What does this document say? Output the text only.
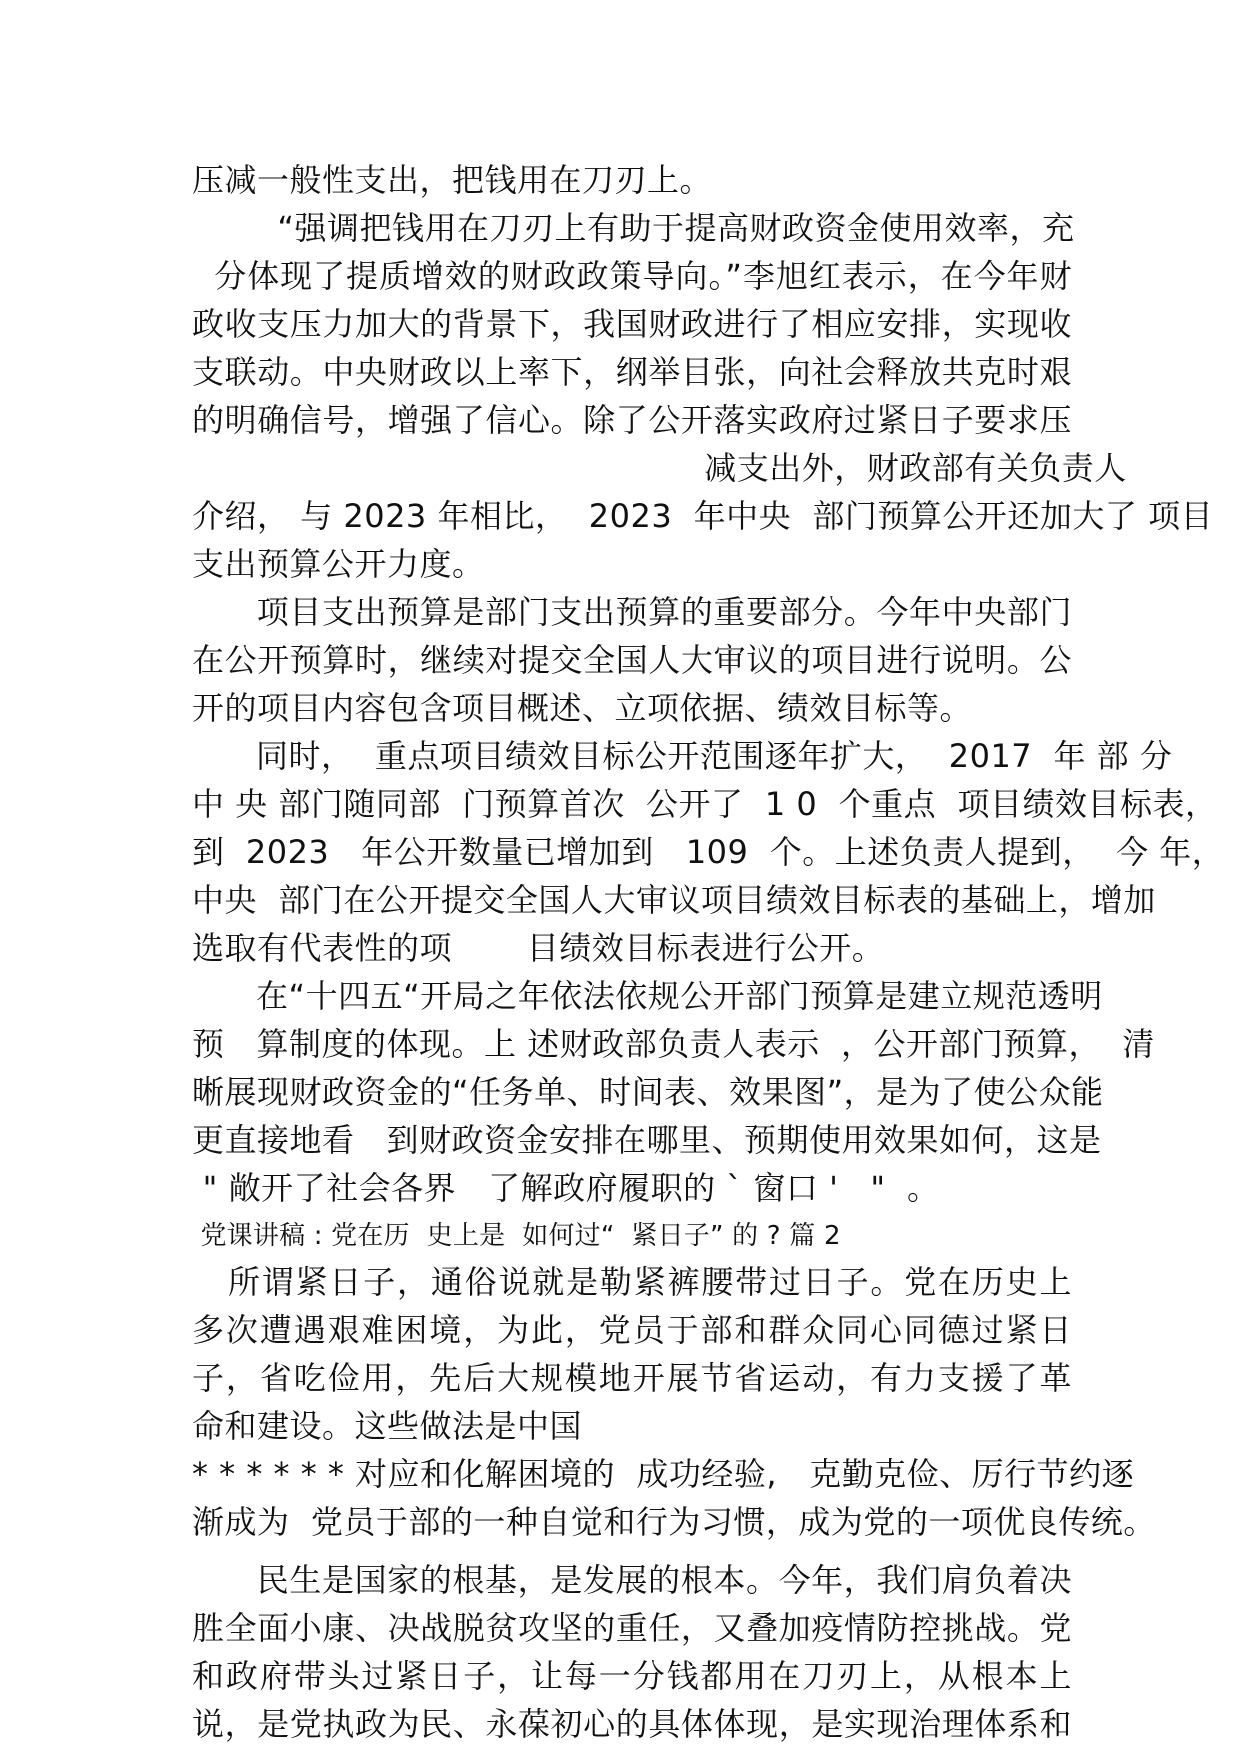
压减一般性支出，把钱用在刀刃上。
“强调把钱用在刀刃上有助于提高财政资金使用效率，充
分体现了提质增效的财政政策导向。”李旭红表示，在今年财
政收支压力加大的背景下，我国财政进行了相应安排，实现收
支联动。中央财政以上率下，纲举目张，向社会释放共克时艰
的明确信号，增强了信心。除了公开落实政府过紧日子要求压
减支出外，财政部有关负责人
介绍， 与 2023 年相比，  2023  年中央  部门预算公开还加大了 项目
支出预算公开力度。
项目支出预算是部门支出预算的重要部分。今年中央部门
在公开预算时，继续对提交全国人大审议的项目进行说明。公
开的项目内容包含项目概述、立项依据、绩效目标等。
同时，  重点项目绩效目标公开范围逐年扩大，  2017  年 部 分
中 央 部门随同部  门预算首次  公开了  1 0  个重点  项目绩效目标表，
到  2023   年公开数量已增加到   109  个。上述负责人提到，  今 年，
中央  部门在公开提交全国人大审议项目绩效目标表的基础上，增加
选取有代表性的项       目绩效目标表进行公开。
在“十四五“开局之年依法依规公开部门预算是建立规范透明
预   算制度的体现。上 述财政部负责人表示  ，公开部门预算，  清
晰展现财政资金的“任务单、时间表、效果图”，是为了使公众能
更直接地看   到财政资金安排在哪里、预期使用效果如何，这是
" 敞开了社会各界   了解政府履职的 ` 窗口 '   "  。
党课讲稿 : 党在历  史上是  如何过“  紧日子” 的 ? 篇 2
所谓紧日子，通俗说就是勒紧裤腰带过日子。党在历史上
多次遭遇艰难困境，为此，党员于部和群众同心同德过紧日
子，省吃俭用，先后大规模地开展节省运动，有力支援了革
命和建设。这些做法是中国
* * * * * * 对应和化解困境的  成功经验,   克勤克俭、厉行节约逐
渐成为  党员于部的一种自觉和行为习惯，成为党的一项优良传统。
民生是国家的根基，是发展的根本。今年，我们肩负着决
胜全面小康、决战脱贫攻坚的重任，又叠加疫情防控挑战。党
和政府带头过紧日子，让每一分钱都用在刀刃上，从根本上
说，是党执政为民、永葆初心的具体体现，是实现治理体系和
